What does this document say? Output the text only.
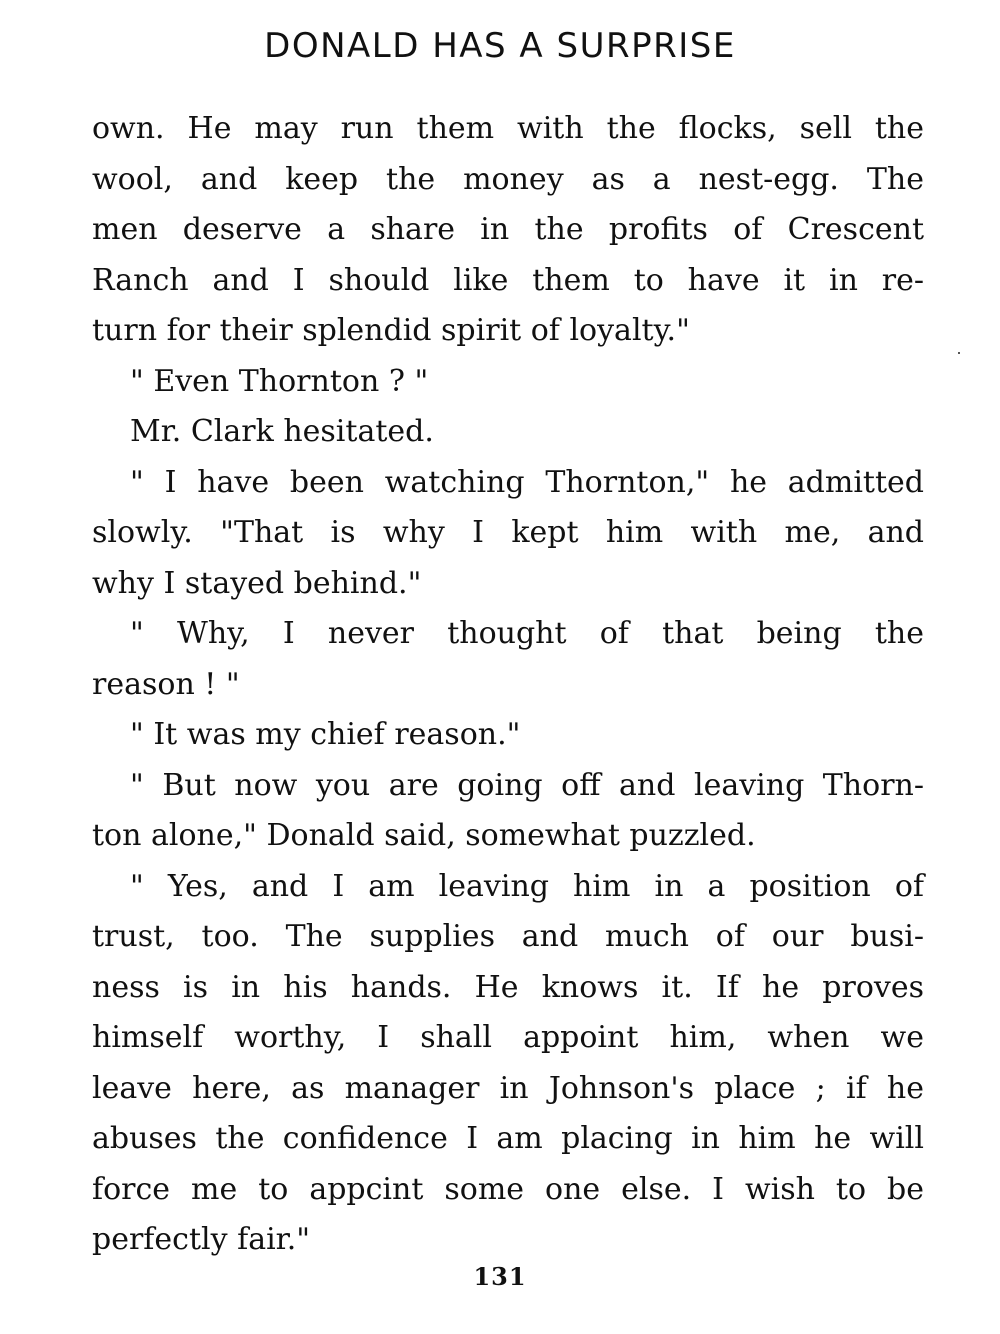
DONALD HAS A SURPRISE
own. He may run them with the flocks, sell the
wool, and keep the money as a nest-egg. The
men deserve a share in the profits of Crescent
Ranch and I should like them to have it in re-
turn for their splendid spirit of loyalty."
" Even Thornton ? "
Mr. Clark hesitated.
" I have been watching Thornton," he admitted
slowly. "That is why I kept him with me, and
why I stayed behind."
" Why, I never thought of that being the
reason ! "
" It was my chief reason."
" But now you are going off and leaving Thorn-
ton alone," Donald said, somewhat puzzled.
" Yes, and I am leaving him in a position of
trust, too. The supplies and much of our busi-
ness is in his hands. He knows it. If he proves
himself worthy, I shall appoint him, when we
leave here, as manager in Johnson's place ; if he
abuses the confidence I am placing in him he will
force me to appcint some one else. I wish to be
perfectly fair."
131
